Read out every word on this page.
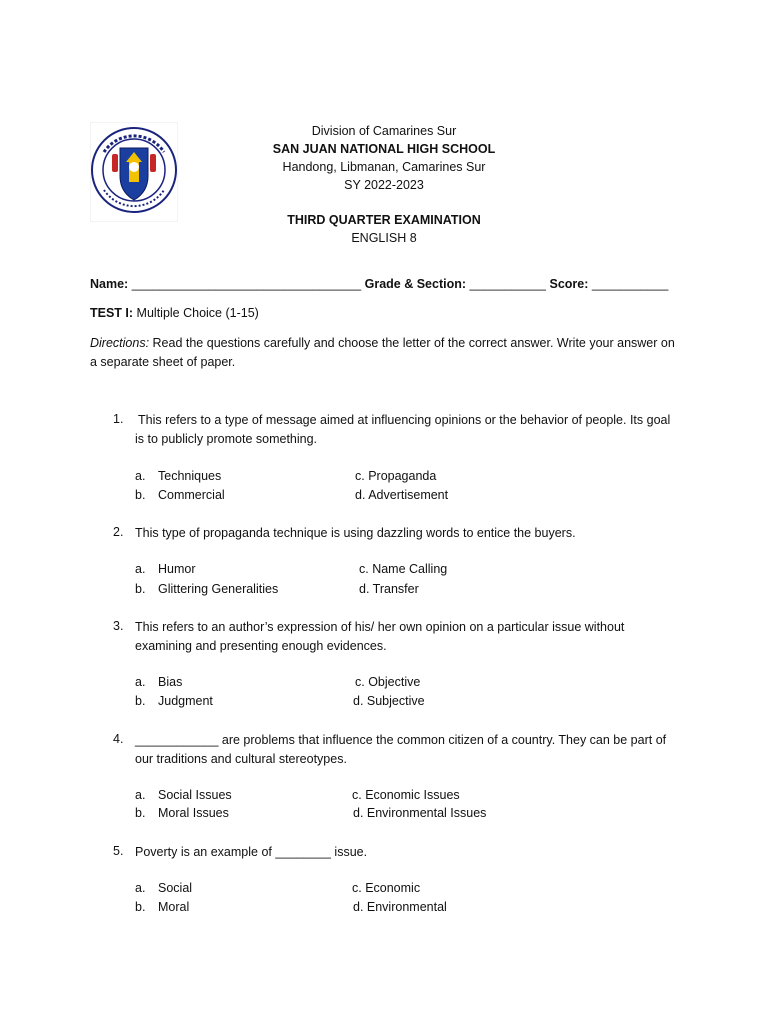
Division of Camarines Sur
SAN JUAN NATIONAL HIGH SCHOOL
Handong, Libmanan, Camarines Sur
SY 2022-2023
THIRD QUARTER EXAMINATION
ENGLISH 8
Name: _________________________________ Grade & Section: ___________ Score: ___________
TEST I: Multiple Choice (1-15)
Directions: Read the questions carefully and choose the letter of the correct answer. Write your answer on a separate sheet of paper.
1. This refers to a type of message aimed at influencing opinions or the behavior of people. Its goal is to publicly promote something.
a. Techniques
b. Commercial
c. Propaganda
d. Advertisement
2. This type of propaganda technique is using dazzling words to entice the buyers.
a. Humor
b. Glittering Generalities
c. Name Calling
d. Transfer
3. This refers to an author’s expression of his/ her own opinion on a particular issue without examining and presenting enough evidences.
a. Bias
b. Judgment
c. Objective
d. Subjective
4. ____________ are problems that influence the common citizen of a country. They can be part of our traditions and cultural stereotypes.
a. Social Issues
b. Moral Issues
c. Economic Issues
d. Environmental Issues
5. Poverty is an example of ________ issue.
a. Social
b. Moral
c. Economic
d. Environmental
